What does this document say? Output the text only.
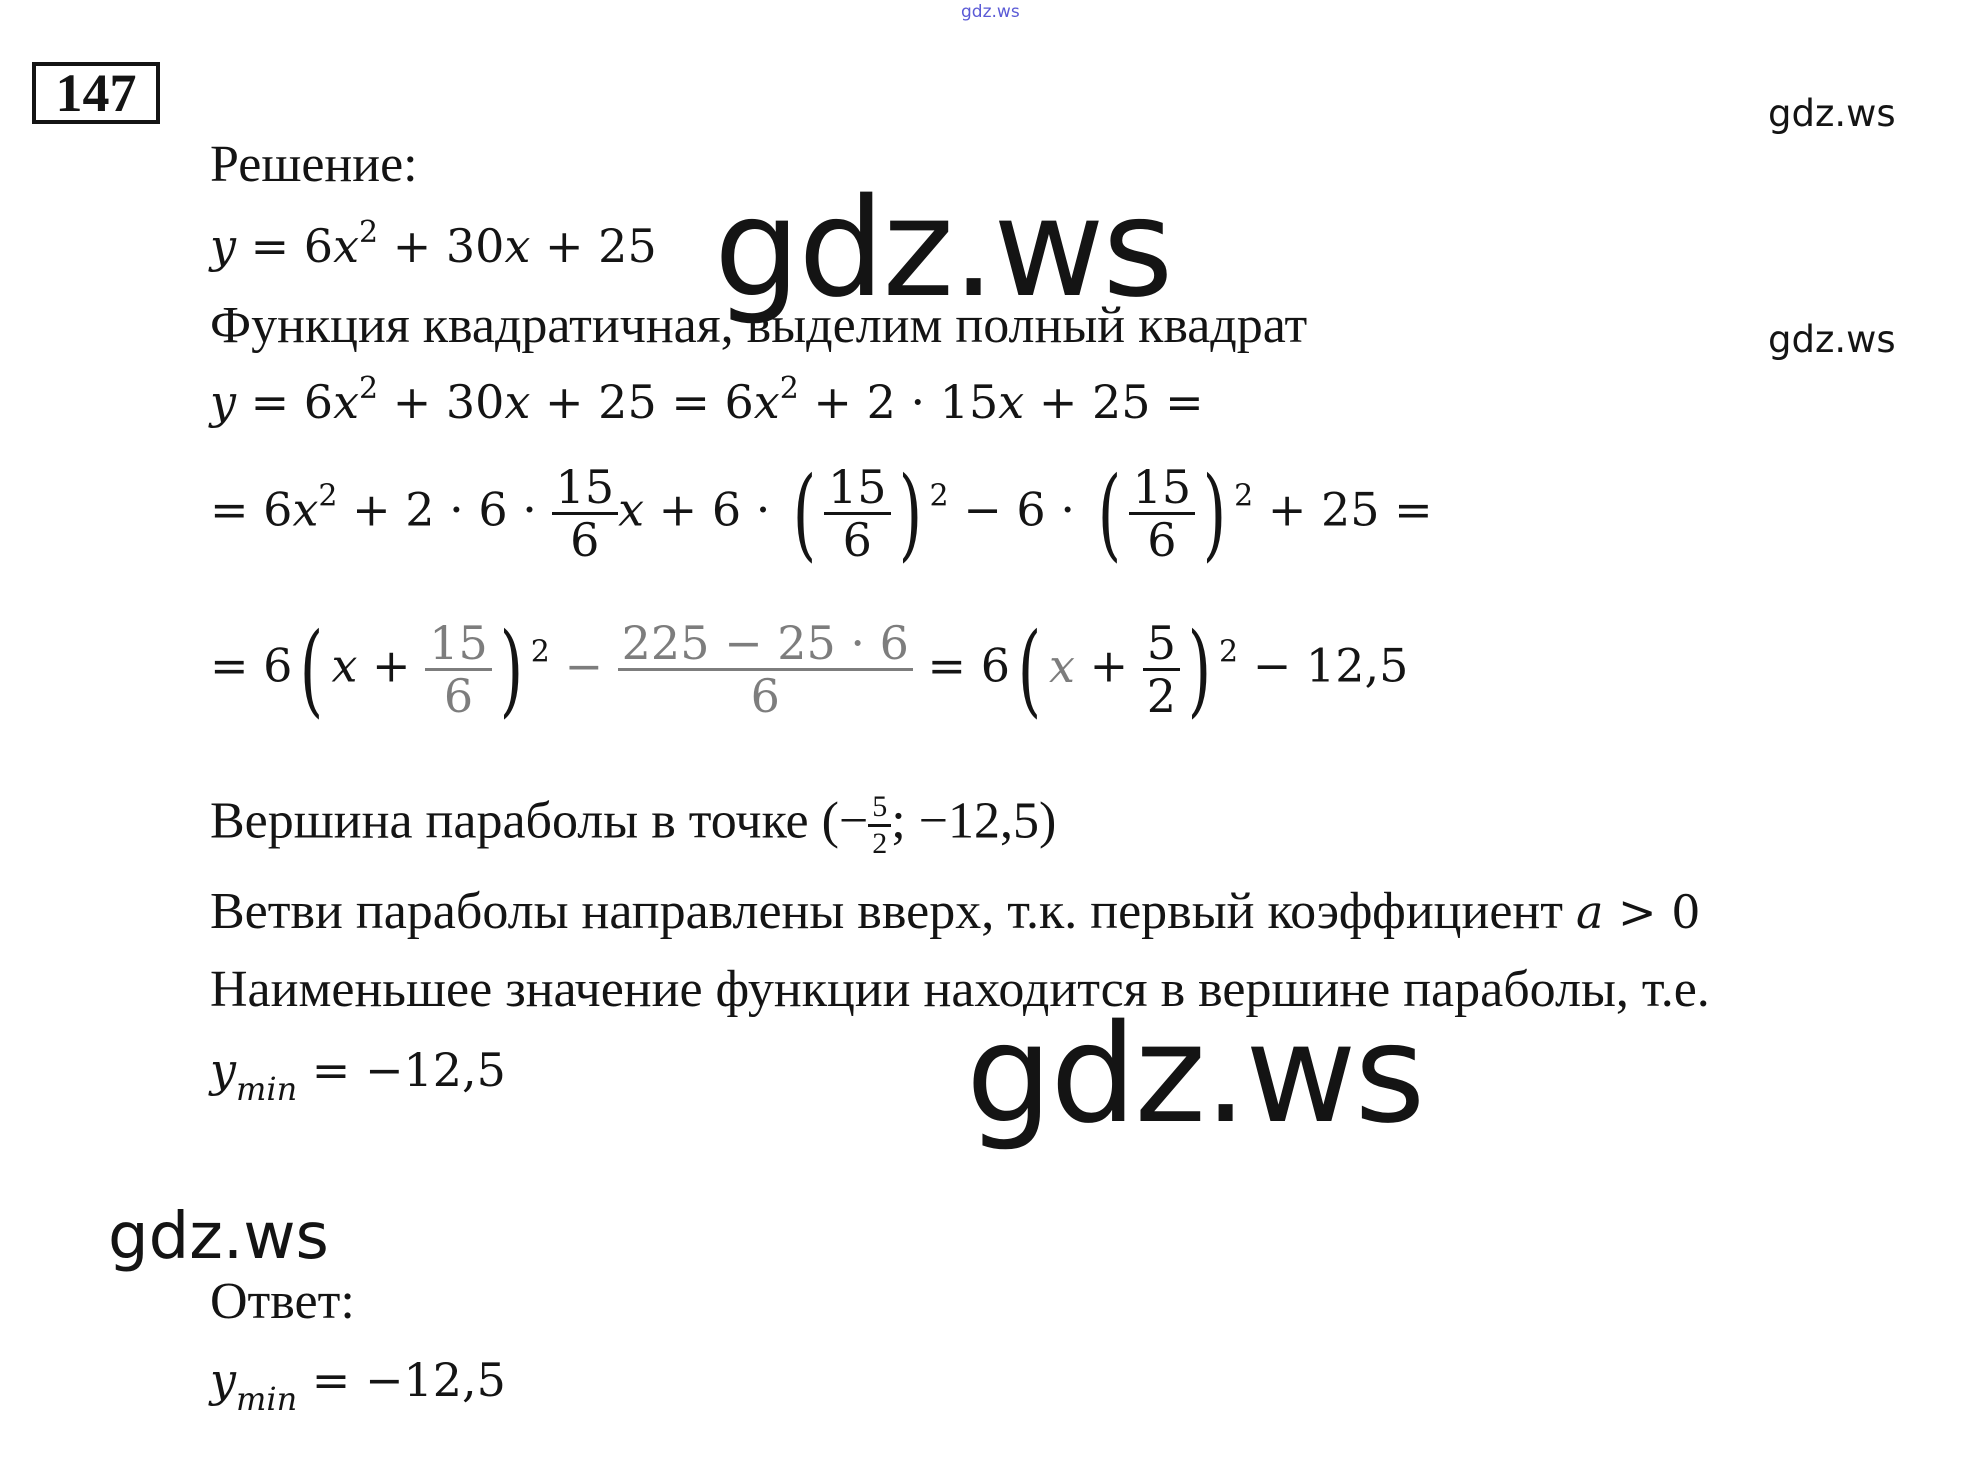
gdz.ws
147	gdz.ws
gdz.ws
Решение:
$y = 6x^2 + 30x + 25$ gdz.ws
Функция квадратичная, выделим полный квадрат
$y = 6x^2 + 30x + 25 = 6x^2 + 2 \cdot 15x + 25$ =
= $6x^2 + 2 \cdot 6 \cdot \frac{15}{6}$ x + 6 · ( $\frac{15}{6}$ ) $^2$ − 6 · ( $\frac{15}{6}$ ) $^2$ + 25 =
= 6( $x + \frac{15}{6}$ ) $^2 - \frac{225 - 25 \cdot 6}{6} = 6$( $x + \frac{5}{2}$ ) $^2$ − 12,5
Вершина параболы в точке (− $\frac{5}{2}$ ; −12,5)
Ветви параболы направлены вверх, т.к. первый коэффициент a > 0
Наименьшее значение функции находится в вершине параболы, т.е.
$y_{min} = -12,5$	gdz.ws
gdz.ws
Ответ:
$y_{min} = -12,5$
